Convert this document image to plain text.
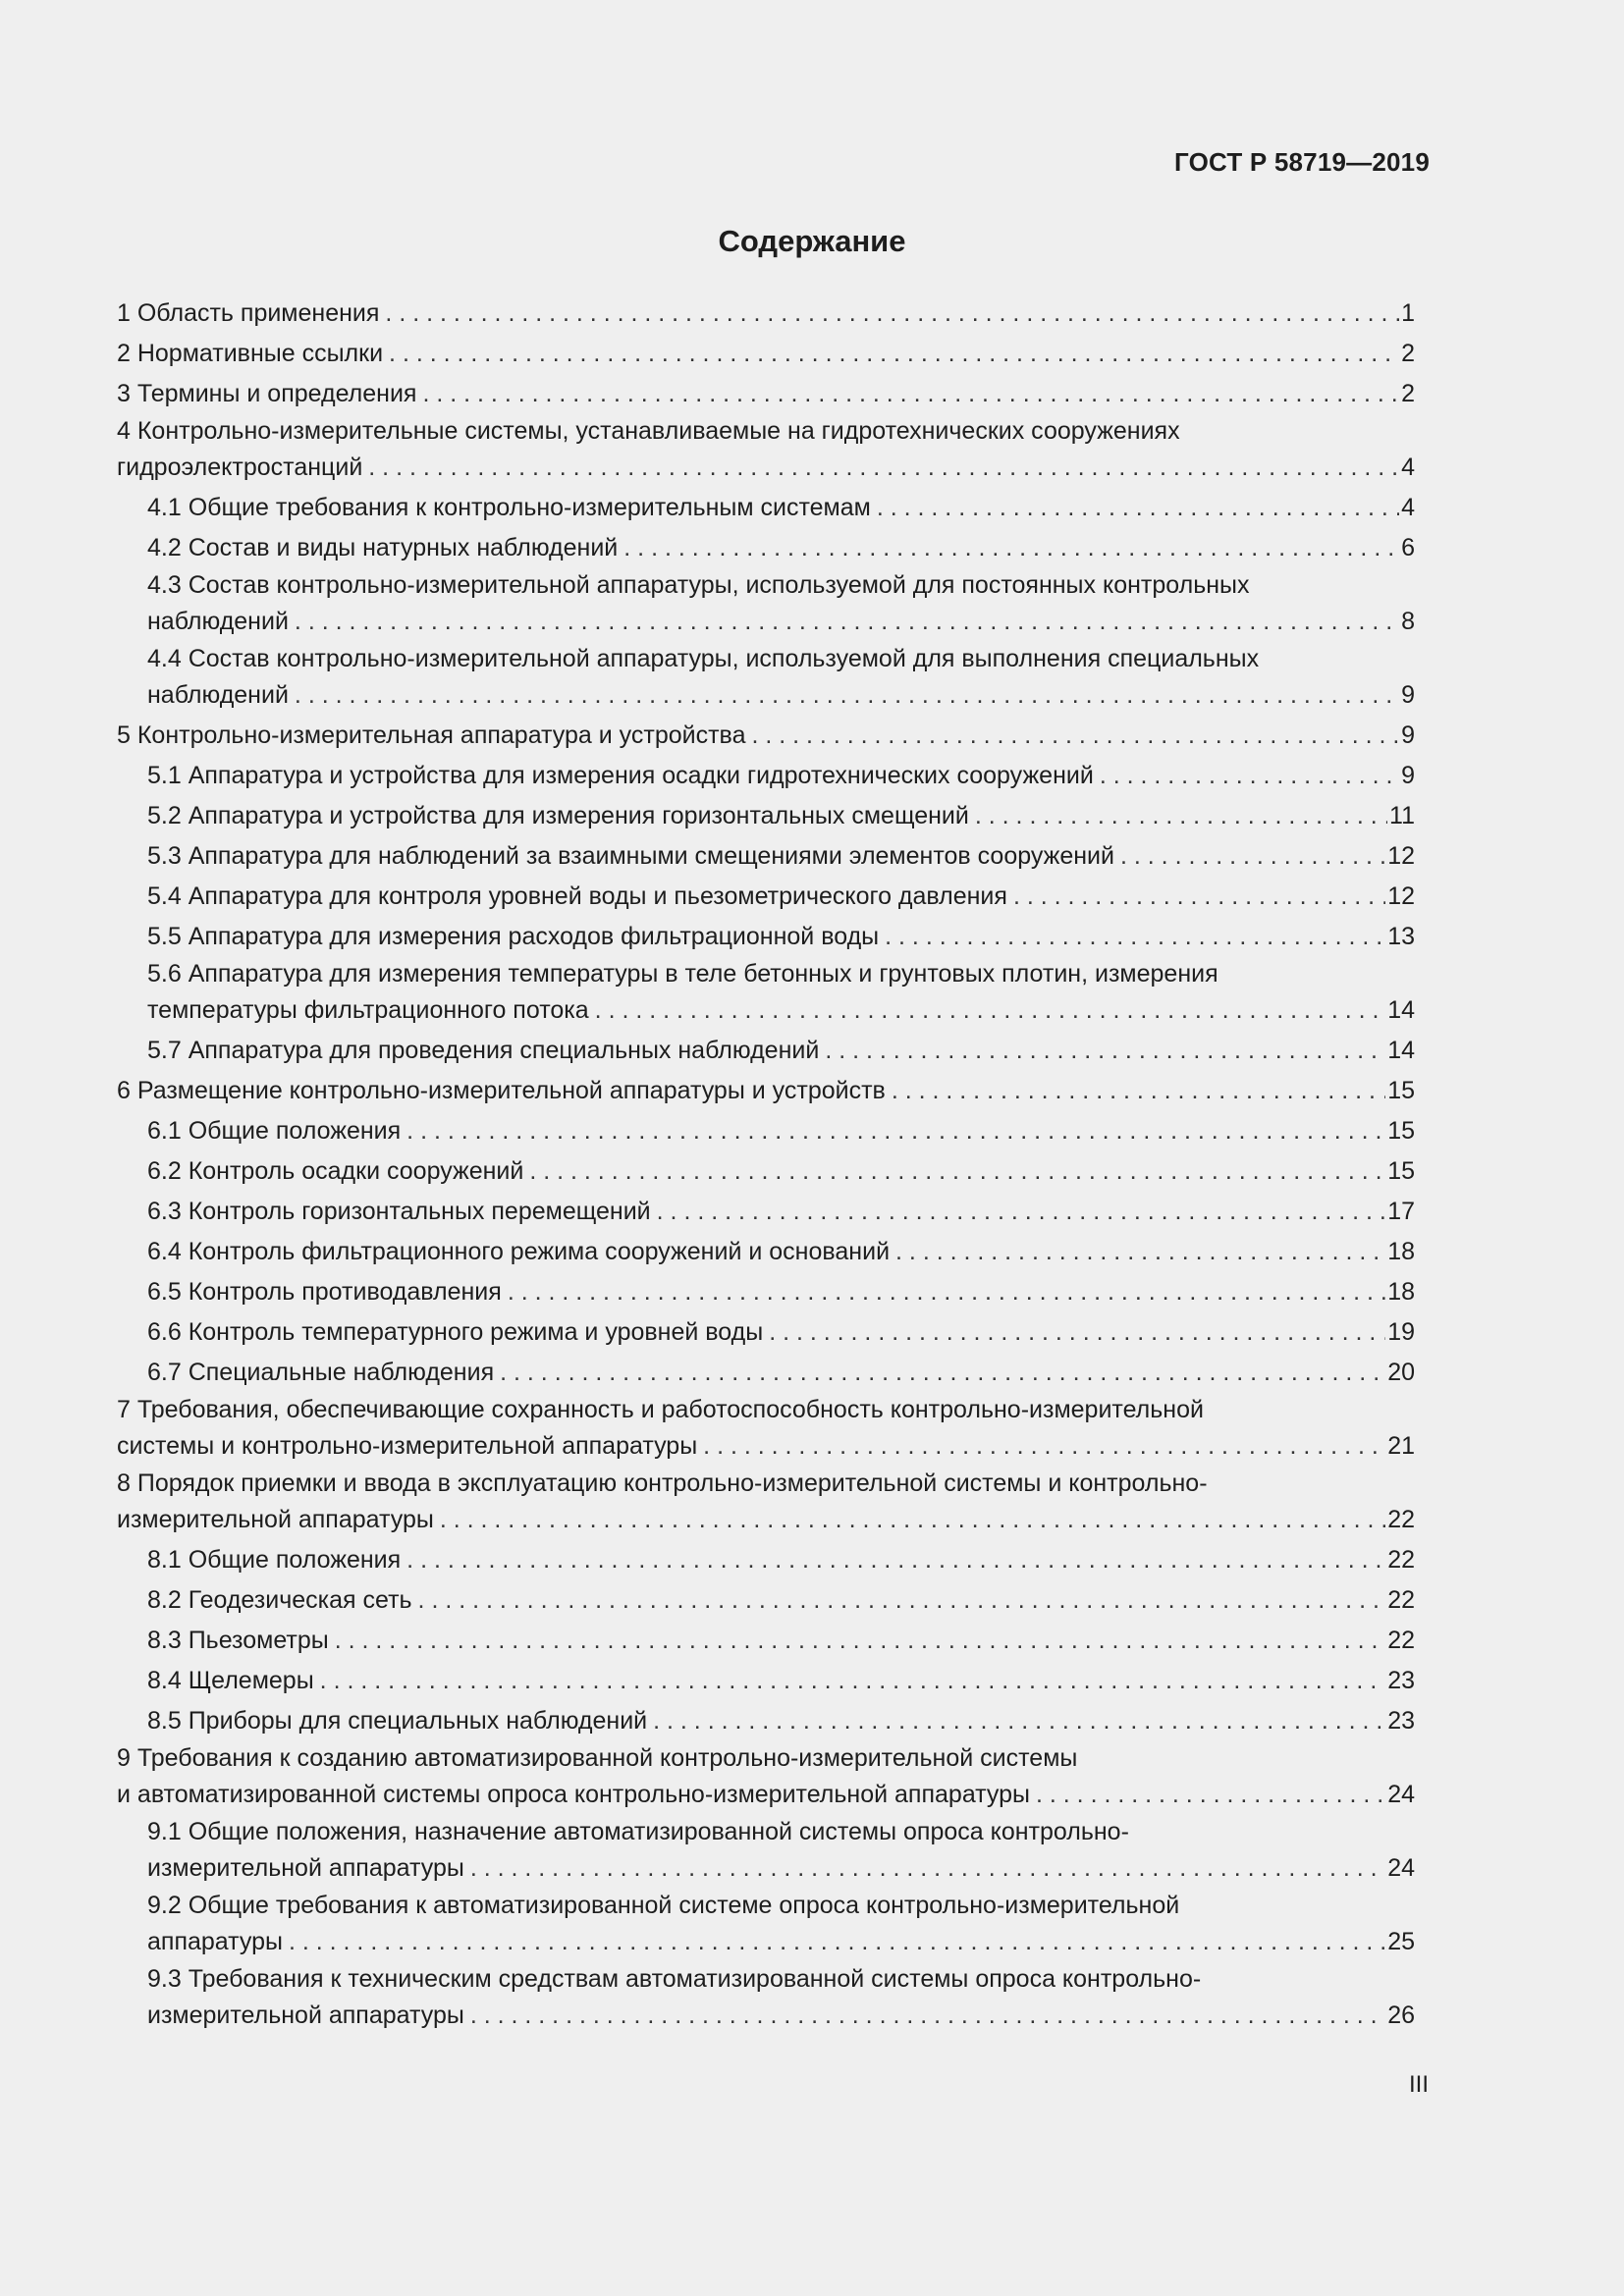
ГОСТ Р 58719—2019

Содержание
1 Область применения . . .	1
2 Нормативные ссылки . . .	2
3 Термины и определения . . .	2
4 Контрольно-измерительные системы, устанавливаемые на гидротехнических сооружениях
гидроэлектростанций . . .	4
4.1 Общие требования к контрольно-измерительным системам . . .	4
4.2 Состав и виды натурных наблюдений . . .	6
4.3 Состав контрольно-измерительной аппаратуры, используемой для постоянных контрольных
наблюдений . . .	8
4.4 Состав контрольно-измерительной аппаратуры, используемой для выполнения специальных
наблюдений . . .	9
5 Контрольно-измерительная аппаратура и устройства . . .	9
5.1 Аппаратура и устройства для измерения осадки гидротехнических сооружений . . .	9
5.2 Аппаратура и устройства для измерения горизонтальных смещений . . .	11
5.3 Аппаратура для наблюдений за взаимными смещениями элементов сооружений . . .	12
5.4 Аппаратура для контроля уровней воды и пьезометрического давления . . .	12
5.5 Аппаратура для измерения расходов фильтрационной воды . . .	13
5.6 Аппаратура для измерения температуры в теле бетонных и грунтовых плотин, измерения
температуры фильтрационного потока . . .	14
5.7 Аппаратура для проведения специальных наблюдений . . .	14
6 Размещение контрольно-измерительной аппаратуры и устройств . . .	15
6.1 Общие положения . . .	15
6.2 Контроль осадки сооружений . . .	15
6.3 Контроль горизонтальных перемещений . . .	17
6.4 Контроль фильтрационного режима сооружений и оснований . . .	18
6.5 Контроль противодавления . . .	18
6.6 Контроль температурного режима и уровней воды . . .	19
6.7 Специальные наблюдения . . .	20
7 Требования, обеспечивающие сохранность и работоспособность контрольно-измерительной
системы и контрольно-измерительной аппаратуры . . .	21
8 Порядок приемки и ввода в эксплуатацию контрольно-измерительной системы и контрольно-
измерительной аппаратуры . . .	22
8.1 Общие положения . . .	22
8.2 Геодезическая сеть . . .	22
8.3 Пьезометры . . .	22
8.4 Щелемеры . . .	23
8.5 Приборы для специальных наблюдений . . .	23
9 Требования к созданию автоматизированной контрольно-измерительной системы
и автоматизированной системы опроса контрольно-измерительной аппаратуры . . .	24
9.1 Общие положения, назначение автоматизированной системы опроса контрольно-
измерительной аппаратуры . . .	24
9.2 Общие требования к автоматизированной системе опроса контрольно-измерительной
аппаратуры . . .	25
9.3 Требования к техническим средствам автоматизированной системы опроса контрольно-
измерительной аппаратуры . . .	26

III
